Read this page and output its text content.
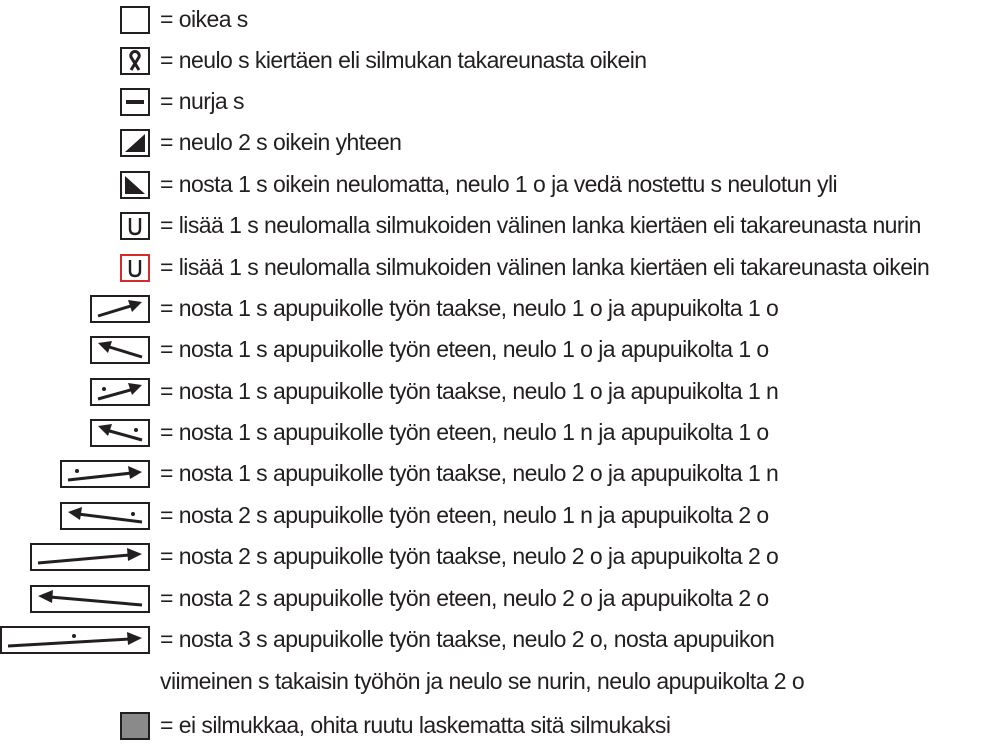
= oikea s
= neulo s kiertäen eli silmukan takareunasta oikein
= nurja s
= neulo 2 s oikein yhteen
= nosta 1 s oikein neulomatta, neulo 1 o ja vedä nostettu s neulotun yli
= lisää 1 s neulomalla silmukoiden välinen lanka kiertäen eli takareunasta nurin
= lisää 1 s neulomalla silmukoiden välinen lanka kiertäen eli takareunasta oikein
= nosta 1 s apupuikolle työn taakse, neulo 1 o ja apupuikolta 1 o
= nosta 1 s apupuikolle työn eteen, neulo 1 o ja apupuikolta 1 o
= nosta 1 s apupuikolle työn taakse, neulo 1 o ja apupuikolta 1 n
= nosta 1 s apupuikolle työn eteen, neulo 1 n ja apupuikolta 1 o
= nosta 1 s apupuikolle työn taakse, neulo 2 o ja apupuikolta 1 n
= nosta 2 s apupuikolle työn eteen, neulo 1 n ja apupuikolta 2 o
= nosta 2 s apupuikolle työn taakse, neulo 2 o ja apupuikolta 2 o
= nosta 2 s apupuikolle työn eteen, neulo 2 o ja apupuikolta 2 o
= nosta 3 s apupuikolle työn taakse, neulo 2 o, nosta apupuikon
viimeinen s takaisin työhön ja neulo se nurin, neulo apupuikolta 2 o
= ei silmukkaa, ohita ruutu laskematta sitä silmukaksi
